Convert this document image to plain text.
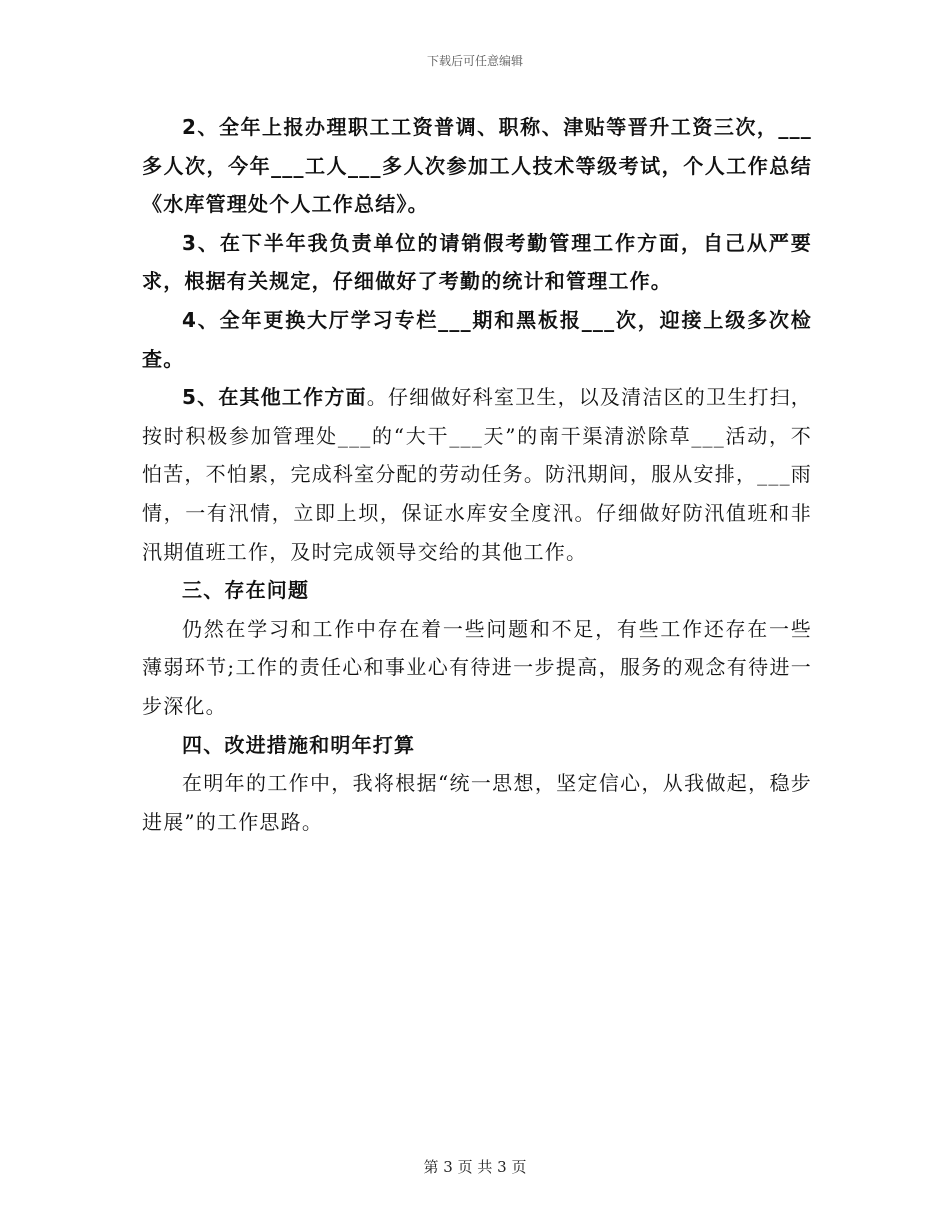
下载后可任意编辑

2、全年上报办理职工工资普调、职称、津贴等晋升工资三次，___多人次，今年___工人___多人次参加工人技术等级考试，个人工作总结《水库管理处个人工作总结》。

3、在下半年我负责单位的请销假考勤管理工作方面，自己从严要求，根据有关规定，仔细做好了考勤的统计和管理工作。

4、全年更换大厅学习专栏___期和黑板报___次，迎接上级多次检查。

5、在其他工作方面。仔细做好科室卫生，以及清洁区的卫生打扫，按时积极参加管理处___的“大干___天”的南干渠清淤除草___活动，不怕苦，不怕累，完成科室分配的劳动任务。防汛期间，服从安排，___雨情，一有汛情，立即上坝，保证水库安全度汛。仔细做好防汛值班和非汛期值班工作，及时完成领导交给的其他工作。

三、存在问题

仍然在学习和工作中存在着一些问题和不足，有些工作还存在一些薄弱环节;工作的责任心和事业心有待进一步提高，服务的观念有待进一步深化。

四、改进措施和明年打算

在明年的工作中，我将根据“统一思想，坚定信心，从我做起，稳步进展”的工作思路。

第 3 页 共 3 页
